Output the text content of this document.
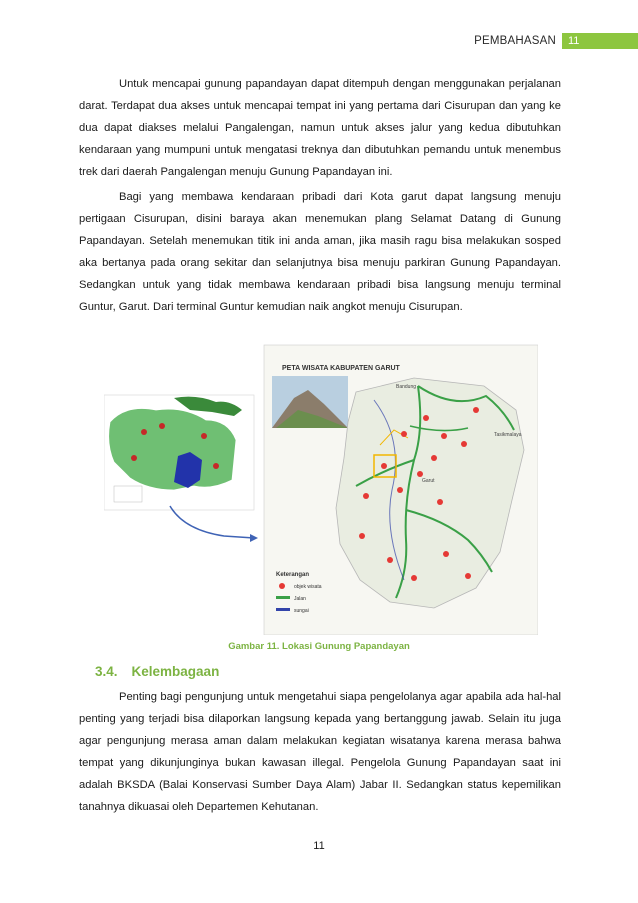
PEMBAHASAN	11

Untuk mencapai gunung papandayan dapat ditempuh dengan menggunakan perjalanan darat. Terdapat dua akses untuk mencapai tempat ini yang pertama dari Cisurupan dan yang ke dua dapat diakses melalui Pangalengan, namun untuk akses jalur yang kedua dibutuhkan kendaraan yang mumpuni untuk mengatasi treknya dan dibutuhkan pemandu untuk menembus trek dari daerah Pangalengan menuju Gunung Papandayan ini.

Bagi yang membawa kendaraan pribadi dari Kota garut dapat langsung menuju pertigaan Cisurupan, disini baraya akan menemukan plang Selamat Datang di Gunung Papandayan. Setelah menemukan titik ini anda aman, jika masih ragu bisa melakukan sosped aka bertanya pada orang sekitar dan selanjutnya bisa menuju parkiran Gunung Papandayan. Sedangkan untuk yang tidak membawa kendaraan pribadi bisa langsung menuju terminal Guntur, Garut. Dari terminal Guntur kemudian naik angkot menuju Cisurupan.

PETA WISATA KABUPATEN GARUT
Bandung
Tasikmalaya
Garut
Keterangan
objek wisata
Jalan
sungai
Gambar 11. Lokasi Gunung Papandayan
3.4. Kelembagaan

Penting bagi pengunjung untuk mengetahui siapa pengelolanya agar apabila ada hal-hal penting yang terjadi bisa dilaporkan langsung kepada yang bertanggung jawab. Selain itu juga agar pengunjung merasa aman dalam melakukan kegiatan wisatanya karena merasa bahwa tempat yang dikunjunginya bukan kawasan illegal. Pengelola Gunung Papandayan saat ini adalah BKSDA (Balai Konservasi Sumber Daya Alam) Jabar II. Sedangkan status kepemilikan tanahnya dikuasai oleh Departemen Kehutanan.

11
